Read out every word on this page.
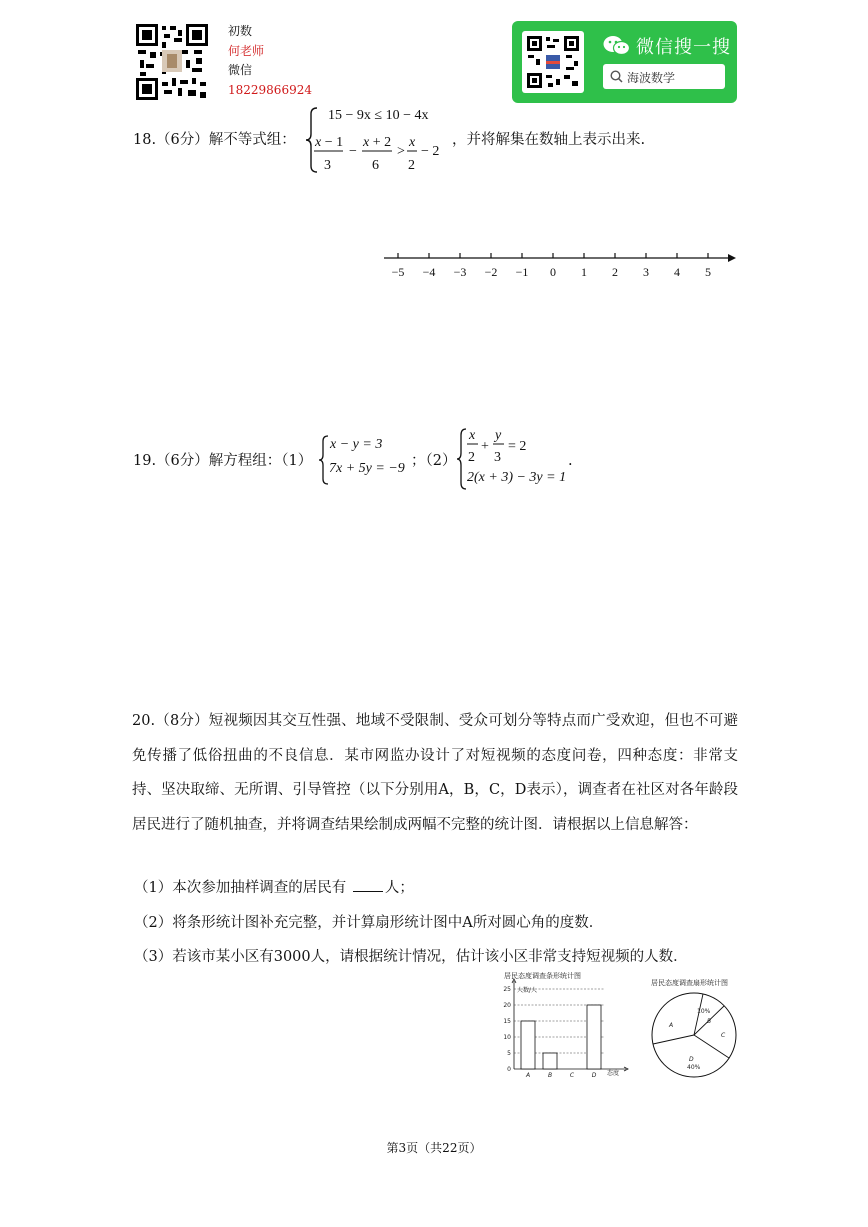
初数
何老师
微信
18229866924
微信搜一搜
海波数学
18.（6分）解不等式组：
15 − 9x ≤ 10 − 4x
x − 1
3
−
x + 2
6
>
x
2
− 2
，并将解集在数轴上表示出来.
−5 −4 −3 −2 −1 0 1 2 3 4 5
19.（6分）解方程组：（1）
x − y = 3
7x + 5y = −9 ；（2）
x
2
+
y
3
= 2
2(x + 3) − 3y = 1
.
20.（8分）短视频因其交互性强、地域不受限制、受众可划分等特点而广受欢迎，但也不可避免传播了低俗扭曲的不良信息．某市网监办设计了对短视频的态度问卷，四种态度：非常支持、坚决取缔、无所谓、引导管控（以下分别用A，B，C，D表示），调查者在社区对各年龄段居民进行了随机抽查，并将调查结果绘制成两幅不完整的统计图．请根据以上信息解答：
（1）本次参加抽样调查的居民有	人；
（2）将条形统计图补充完整，并计算扇形统计图中A所对圆心角的度数．
（3）若该市某小区有3000人，请根据统计情况，估计该小区非常支持短视频的人数．
居民态度调查条形统计图
人数/人
态度
0
5
10
15
20
25
A	B	C	D
居民态度调查扇形统计图
A
B
C
D
10%
40%
第3页（共22页）
